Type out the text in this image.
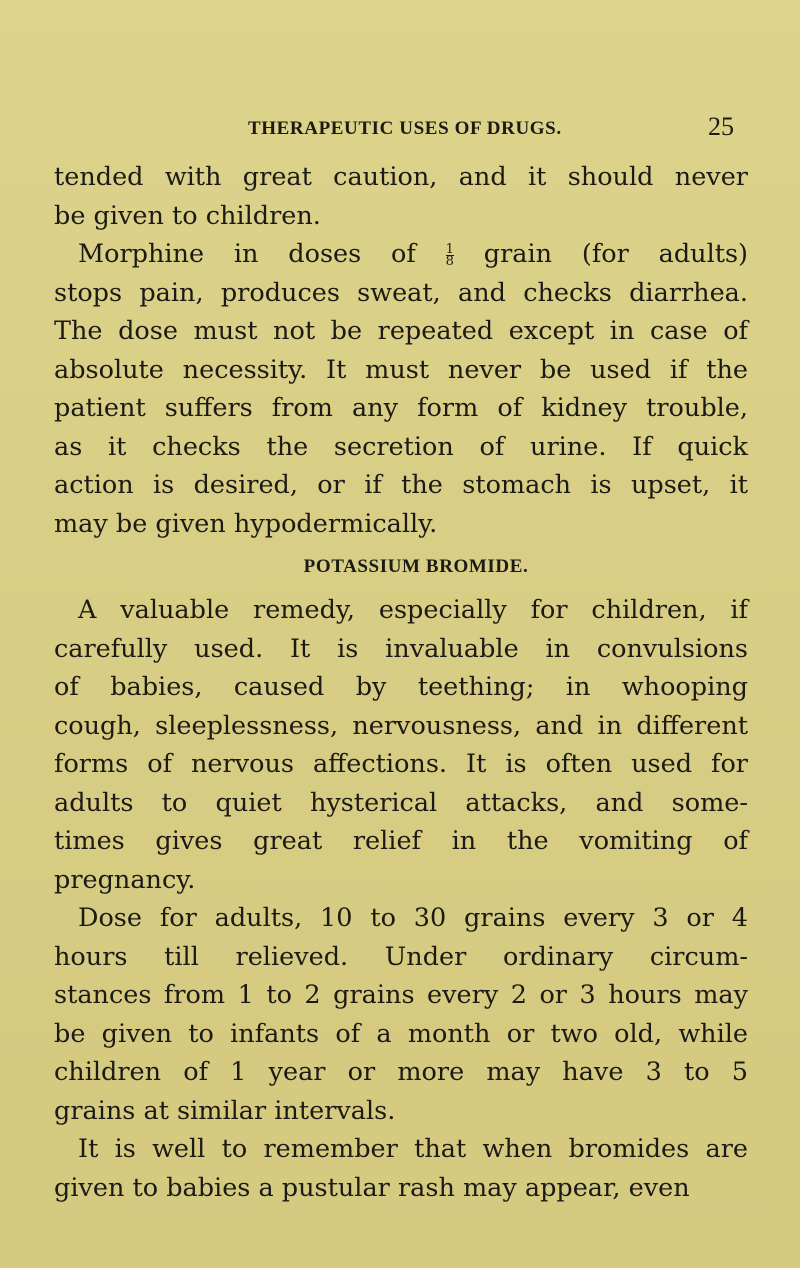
THERAPEUTIC USES OF DRUGS.	25
tended with great caution, and it should never
be given to children.
Morphine in doses of $\frac{1}{8}$ grain (for adults)
stops pain, produces sweat, and checks diarrhea.
The dose must not be repeated except in case of
absolute necessity. It must never be used if the
patient suffers from any form of kidney trouble,
as it checks the secretion of urine. If quick
action is desired, or if the stomach is upset, it
may be given hypodermically.
POTASSIUM BROMIDE.
A valuable remedy, especially for children, if
carefully used. It is invaluable in convulsions
of babies, caused by teething; in whooping
cough, sleeplessness, nervousness, and in different
forms of nervous affections. It is often used for
adults to quiet hysterical attacks, and some-
times gives great relief in the vomiting of
pregnancy.
Dose for adults, 10 to 30 grains every 3 or 4
hours till relieved. Under ordinary circum-
stances from 1 to 2 grains every 2 or 3 hours may
be given to infants of a month or two old, while
children of 1 year or more may have 3 to 5
grains at similar intervals.
It is well to remember that when bromides are
given to babies a pustular rash may appear, even
